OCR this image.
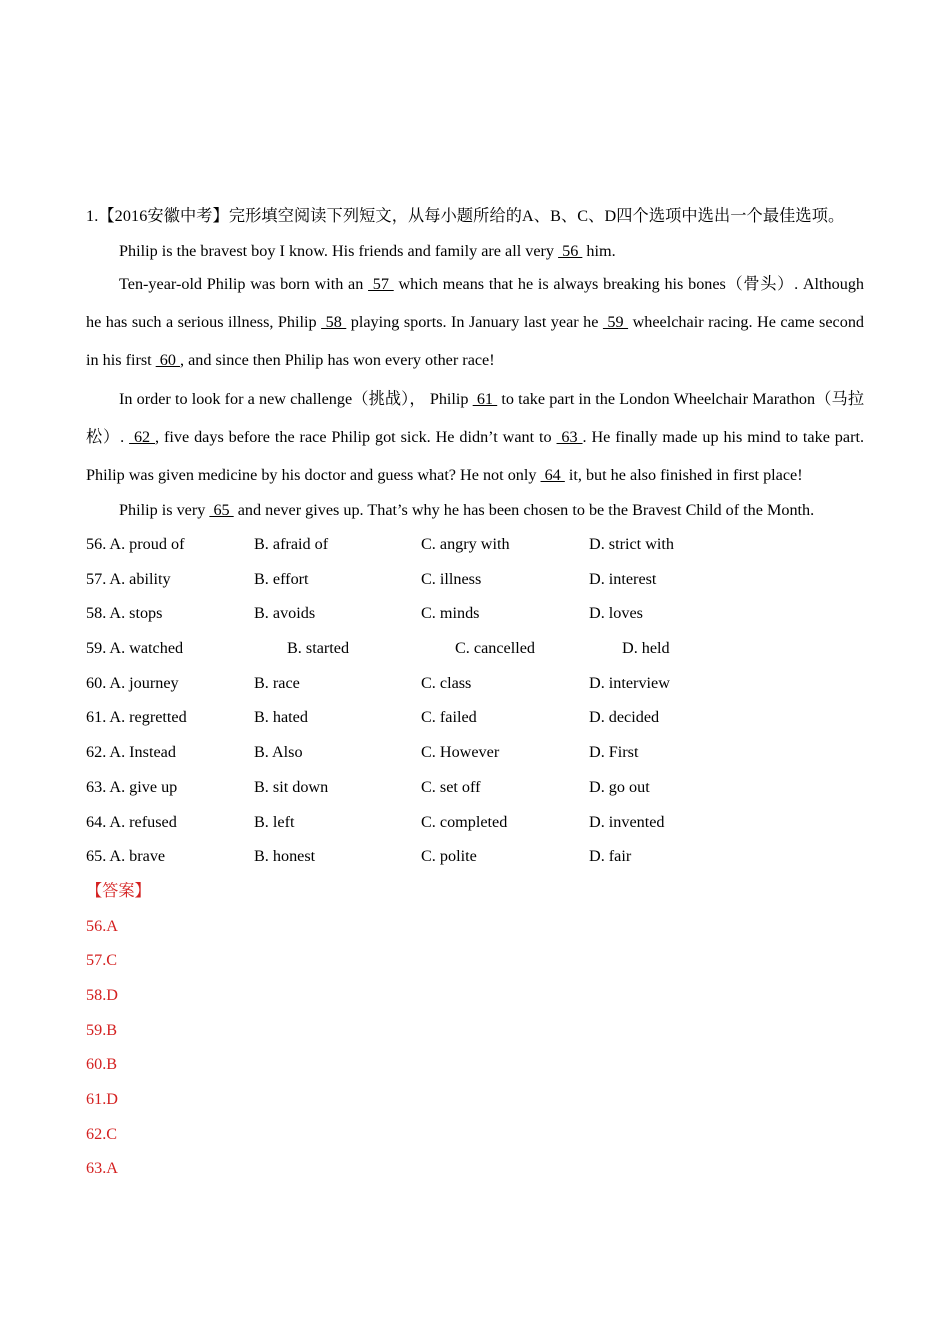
1.【2016安徽中考】完形填空阅读下列短文，从每小题所给的A、B、C、D四个选项中选出一个最佳选项。

Philip is the bravest boy I know. His friends and family are all very  56  him.

Ten-year-old Philip was born with an  57  which means that he is always breaking his bones（骨头）. Although he has such a serious illness, Philip  58  playing sports. In January last year he  59  wheelchair racing. He came second in his first  60 , and since then Philip has won every other race!

In order to look for a new challenge（挑战）， Philip  61  to take part in the London Wheelchair Marathon（马拉松）.  62 , five days before the race Philip got sick. He didn’t want to  63 . He finally made up his mind to take part. Philip was given medicine by his doctor and guess what? He not only  64  it, but he also finished in first place!

Philip is very  65  and never gives up. That’s why he has been chosen to be the Bravest Child of the Month.

56. A. proud of	B. afraid of	C. angry with	D. strict with
57. A. ability	B. effort	C. illness	D. interest
58. A. stops	B. avoids	C. minds	D. loves
59. A. watched	B. started	C. cancelled	D. held
60. A. journey	B. race	C. class	D. interview
61. A. regretted	B. hated	C. failed	D. decided
62. A. Instead	B. Also	C. However	D. First
63. A. give up	B. sit down	C. set off	D. go out
64. A. refused	B. left	C. completed	D. invented
65. A. brave	B. honest	C. polite	D. fair
【答案】
56.A
57.C
58.D
59.B
60.B
61.D
62.C
63.A
